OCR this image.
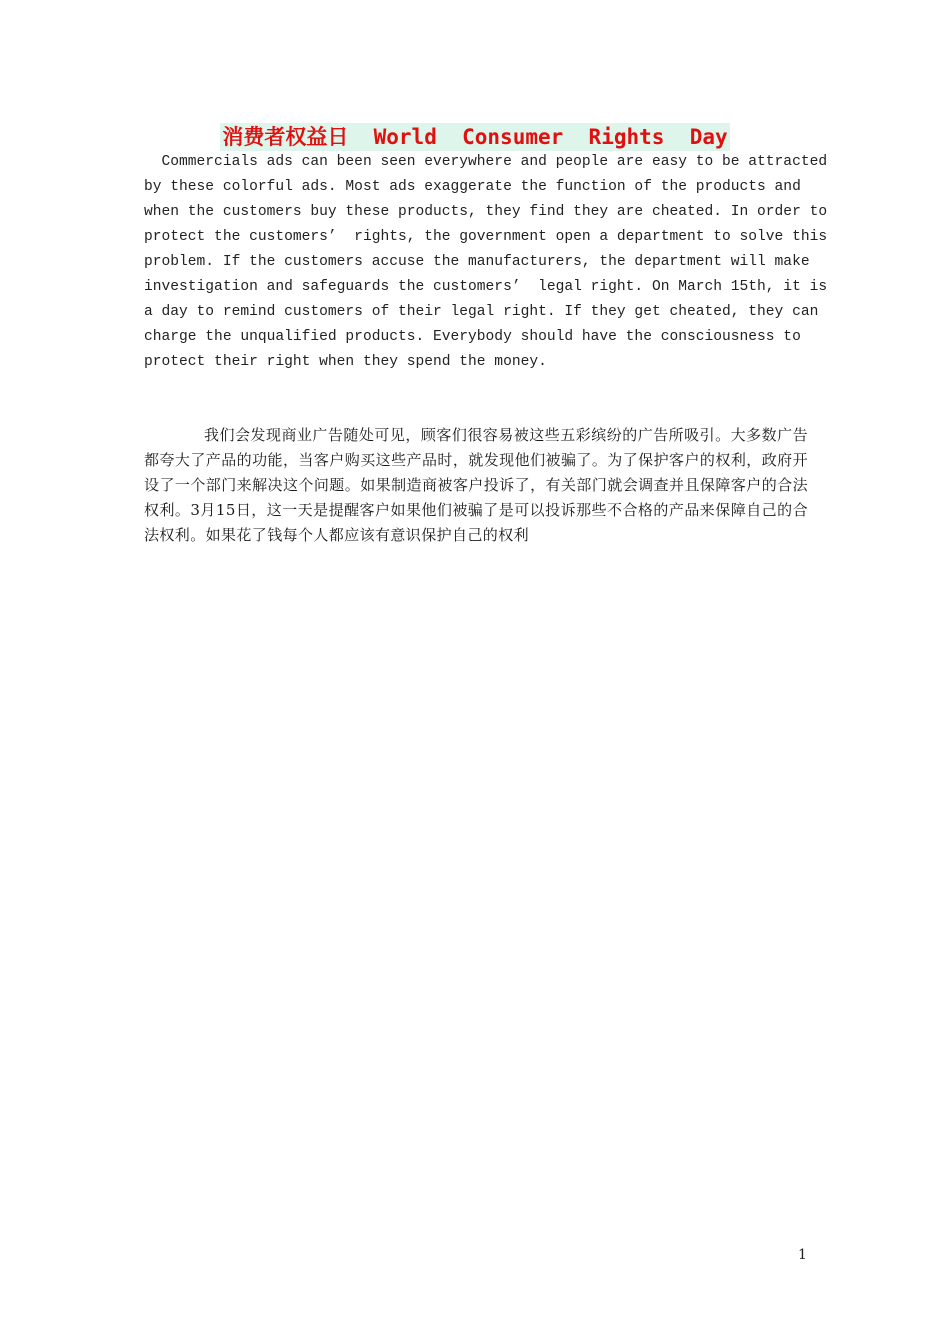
消费者权益日  World  Consumer  Rights  Day
Commercials ads can been seen everywhere and people are easy to be attracted
by these colorful ads. Most ads exaggerate the function of the products and
when the customers buy these products, they find they are cheated. In order to
protect the customers’  rights, the government open a department to solve this
problem. If the customers accuse the manufacturers, the department will make
investigation and safeguards the customers’  legal right. On March 15th, it is
a day to remind customers of their legal right. If they get cheated, they can
charge the unqualified products. Everybody should have the consciousness to
protect their right when they spend the money.

我们会发现商业广告随处可见，顾客们很容易被这些五彩缤纷的广告所吸引。大多数广告都夸大了产品的功能，当客户购买这些产品时，就发现他们被骗了。为了保护客户的权利，政府开设了一个部门来解决这个问题。如果制造商被客户投诉了，有关部门就会调查并且保障客户的合法权利。3月15日，这一天是提醒客户如果他们被骗了是可以投诉那些不合格的产品来保障自己的合法权利。如果花了钱每个人都应该有意识保护自己的权利

1
